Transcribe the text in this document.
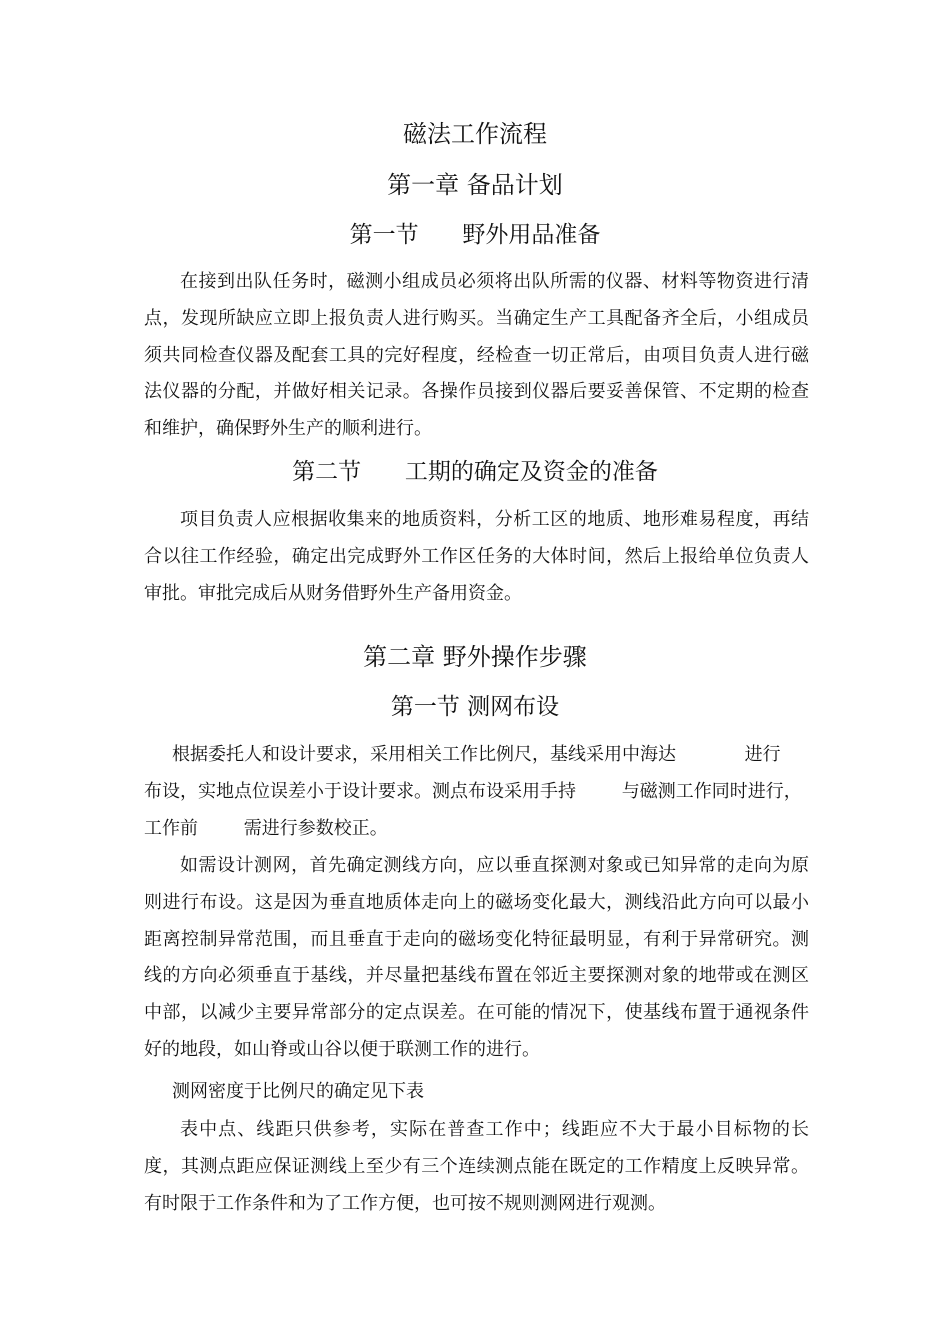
磁法工作流程
第一章 备品计划
第一节      野外用品准备
在接到出队任务时，磁测小组成员必须将出队所需的仪器、材料等物资进行清点，发现所缺应立即上报负责人进行购买。当确定生产工具配备齐全后，小组成员须共同检查仪器及配套工具的完好程度，经检查一切正常后，由项目负责人进行磁法仪器的分配，并做好相关记录。各操作员接到仪器后要妥善保管、不定期的检查和维护，确保野外生产的顺利进行。
第二节      工期的确定及资金的准备
项目负责人应根据收集来的地质资料，分析工区的地质、地形难易程度，再结合以往工作经验，确定出完成野外工作区任务的大体时间，然后上报给单位负责人审批。审批完成后从财务借野外生产备用资金。
第二章 野外操作步骤
第一节 测网布设
根据委托人和设计要求，采用相关工作比例尺，基线采用中海达            进行
布设，实地点位误差小于设计要求。测点布设采用手持        与磁测工作同时进行，
工作前        需进行参数校正。
如需设计测网，首先确定测线方向，应以垂直探测对象或已知异常的走向为原则进行布设。这是因为垂直地质体走向上的磁场变化最大，测线沿此方向可以最小距离控制异常范围，而且垂直于走向的磁场变化特征最明显，有利于异常研究。测线的方向必须垂直于基线，并尽量把基线布置在邻近主要探测对象的地带或在测区中部，以减少主要异常部分的定点误差。在可能的情况下，使基线布置于通视条件好的地段，如山脊或山谷以便于联测工作的进行。
测网密度于比例尺的确定见下表
表中点、线距只供参考，实际在普查工作中；线距应不大于最小目标物的长度，其测点距应保证测线上至少有三个连续测点能在既定的工作精度上反映异常。有时限于工作条件和为了工作方便，也可按不规则测网进行观测。
